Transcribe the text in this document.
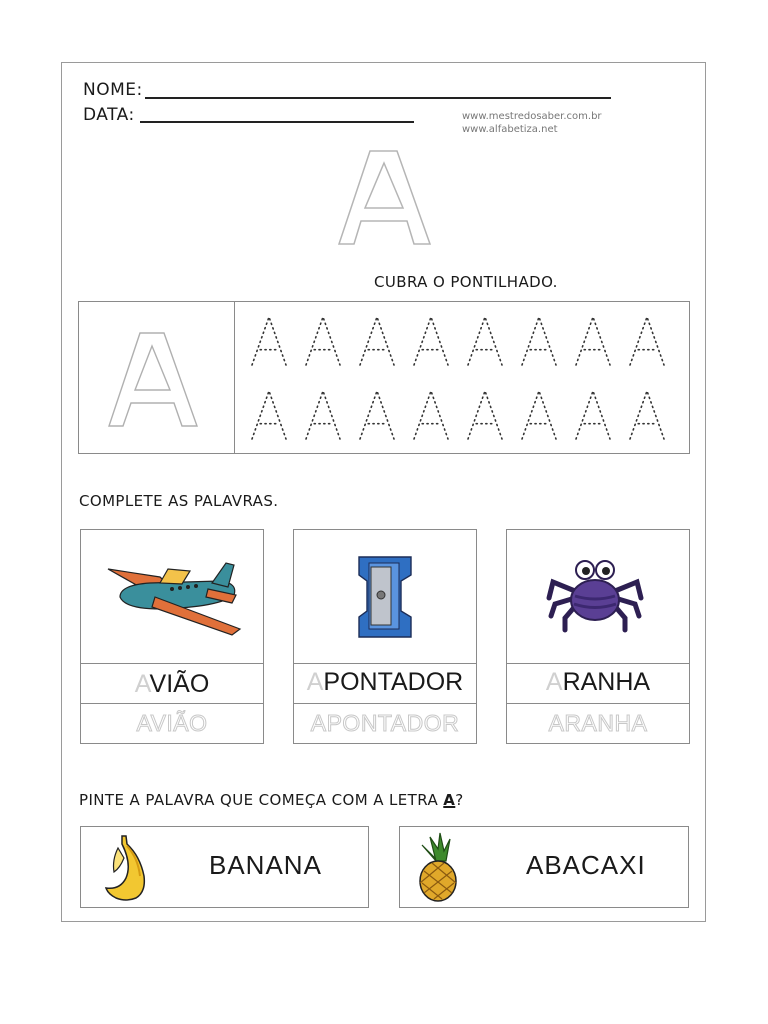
NOME:
DATA:	www.mestredosaber.com.br
www.alfabetiza.net
CUBRA O PONTILHADO.
COMPLETE AS PALAVRAS.
AVIÃO
AVIÃO
APONTADOR
APONTADOR
ARANHA
ARANHA
PINTE A PALAVRA QUE COMEÇA COM A LETRA A?
BANANA	ABACAXI
